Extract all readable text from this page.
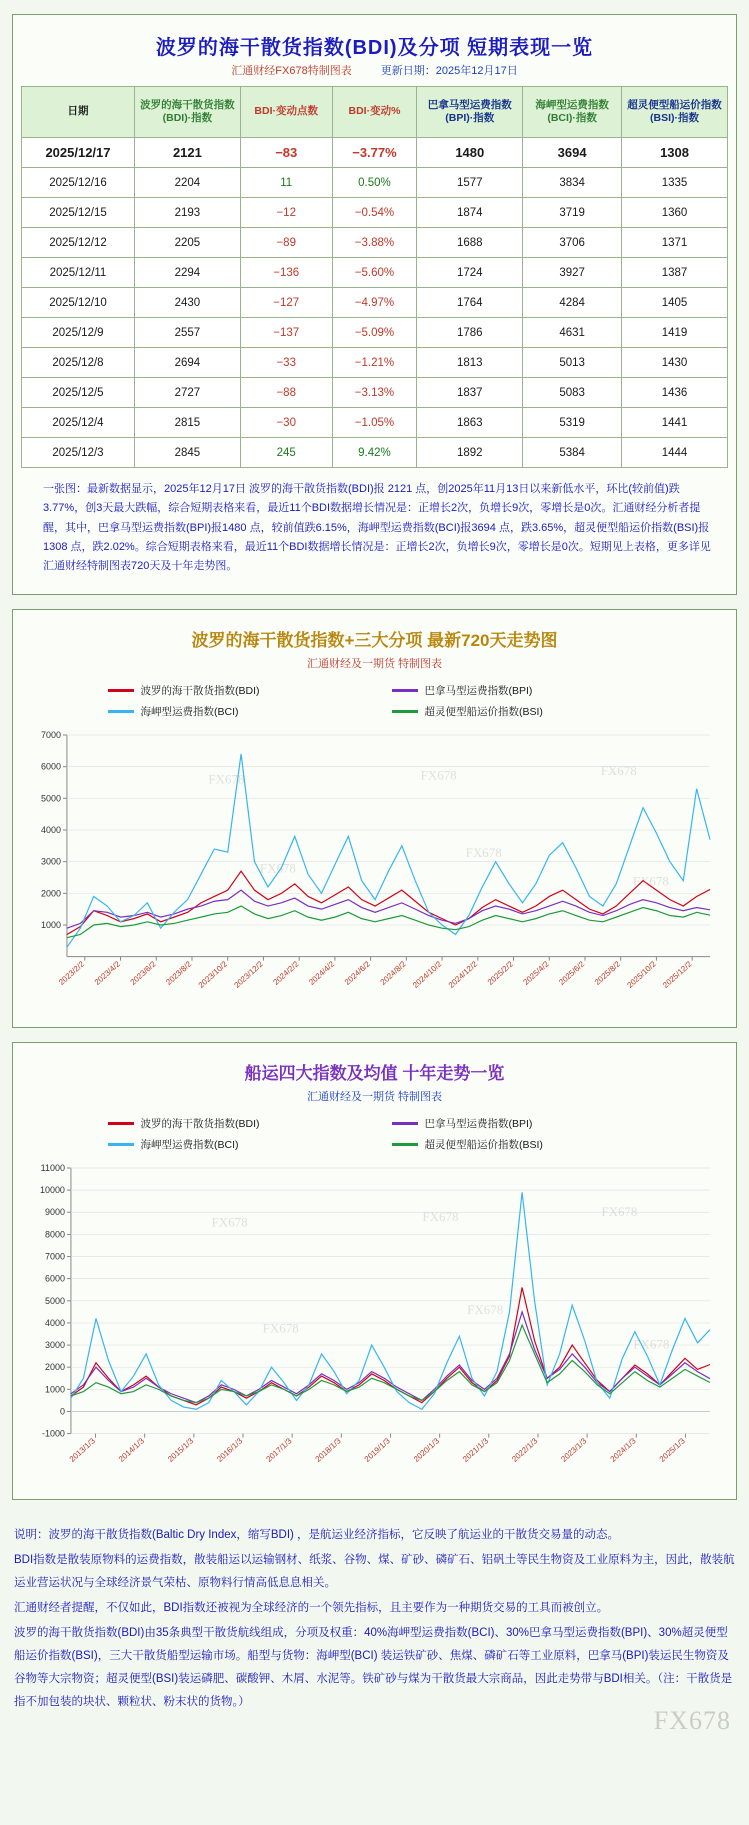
波罗的海干散货指数(BDI)及分项 短期表现一览
汇通财经FX678特制图表	更新日期：2025年12月17日
日期	波罗的海干散货指数(BDI)·指数	BDI·变动点数	BDI·变动%	巴拿马型运费指数(BPI)·指数	海岬型运费指数(BCI)·指数	超灵便型船运价指数(BSI)·指数
2025/12/17	2121	−83	−3.77%	1480	3694	1308
2025/12/16	2204	11	0.50%	1577	3834	1335
2025/12/15	2193	−12	−0.54%	1874	3719	1360
2025/12/12	2205	−89	−3.88%	1688	3706	1371
2025/12/11	2294	−136	−5.60%	1724	3927	1387
2025/12/10	2430	−127	−4.97%	1764	4284	1405
2025/12/9	2557	−137	−5.09%	1786	4631	1419
2025/12/8	2694	−33	−1.21%	1813	5013	1430
2025/12/5	2727	−88	−3.13%	1837	5083	1436
2025/12/4	2815	−30	−1.05%	1863	5319	1441
2025/12/3	2845	245	9.42%	1892	5384	1444
一张图：最新数据显示，2025年12月17日 波罗的海干散货指数(BDI)报 2121 点，创2025年11月13日以来新低水平，环比(较前值)跌3.77%，创3天最大跌幅，综合短期表格来看，最近11个BDI数据增长情况是：正增长2次，负增长9次，零增长是0次。汇通财经分析者提醒，其中，巴拿马型运费指数(BPI)报1480 点，较前值跌6.15%，海岬型运费指数(BCI)报3694 点，跌3.65%，超灵便型船运价指数(BSI)报1308 点，跌2.02%。综合短期表格来看，最近11个BDI数据增长情况是：正增长2次，负增长9次，零增长是0次。短期见上表格，更多详见汇通财经特制图表720天及十年走势图。
波罗的海干散货指数+三大分项 最新720天走势图
汇通财经及一期货 特制图表
波罗的海干散货指数(BDI)	巴拿马型运费指数(BPI)
海岬型运费指数(BCI)	超灵便型船运价指数(BSI)
1000
2000
3000
4000
5000
6000
7000
2023/2/2 2023/4/2 2023/6/2 2023/8/2 2023/10/2 2023/12/2 2024/2/2 2024/4/2 2024/6/2 2024/8/2 2024/10/2 2024/12/2 2025/2/2 2025/4/2 2025/6/2 2025/8/2 2025/10/2 2025/12/2
FX678	FX678	FX678
FX678
FX678
FX678
船运四大指数及均值 十年走势一览
汇通财经及一期货 特制图表
波罗的海干散货指数(BDI)	巴拿马型运费指数(BPI)
海岬型运费指数(BCI)	超灵便型船运价指数(BSI)
-1000
0
1000
2000
3000
4000
5000
6000
7000
8000
9000
10000
11000
2013/1/3	2014/1/3	2015/1/3	2016/1/3	2017/1/3	2018/1/3	2019/1/3	2020/1/3	2021/1/3	2022/1/3	2023/1/3	2024/1/3	2025/1/3
FX678	FX678	FX678
FX678
FX678
FX678

说明：波罗的海干散货指数(Baltic Dry Index，缩写BDI) ，是航运业经济指标，它反映了航运业的干散货交易量的动态。

BDI指数是散装原物料的运费指数，散装船运以运输钢材、纸浆、谷物、煤、矿砂、磷矿石、铝矾土等民生物资及工业原料为主，因此，散装航运业营运状况与全球经济景气荣枯、原物料行情高低息息相关。

汇通财经者提醒，不仅如此，BDI指数还被视为全球经济的一个领先指标，且主要作为一种期货交易的工具而被创立。

波罗的海干散货指数(BDI)由35条典型干散货航线组成，分项及权重：40%海岬型运费指数(BCI)、30%巴拿马型运费指数(BPI)、30%超灵便型船运价指数(BSI)，三大干散货船型运输市场。船型与货物：海岬型(BCI) 装运铁矿砂、焦煤、磷矿石等工业原料，巴拿马(BPI)装运民生物资及谷物等大宗物资；超灵便型(BSI)装运磷肥、碳酸钾、木屑、水泥等。铁矿砂与煤为干散货最大宗商品，因此走势带与BDI相关。（注：干散货是指不加包装的块状、颗粒状、粉末状的货物。）

FX678
